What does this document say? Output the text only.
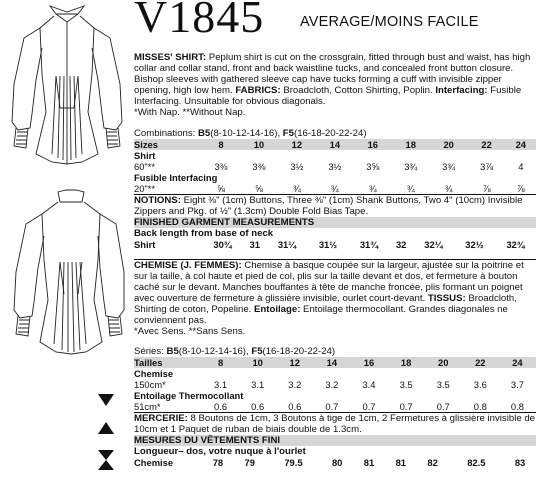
V1845 AVERAGE/MOINS FACILE
MISSES' SHIRT: Peplum shirt is cut on the crossgrain, fitted through bust and waist, has high collar and collar stand, front and back waistline tucks, and concealed front button closure. Bishop sleeves with gathered sleeve cap have tucks forming a cuff with invisible zipper opening, high low hem. FABRICS: Broadcloth, Cotton Shirting, Poplin. Interfacing: Fusible Interfacing. Unsuitable for obvious diagonals.
*With Nap. **Without Nap.
Combinations: B5(8-10-12-14-16), F5(16-18-20-22-24)
Sizes	8	10	12	14	16	18	20	22	24
Shirt									
60"**	3⅜	3⅜	3½	3½	3⅝	3¾	3¾	3⅞	4
Fusible Interfacing									
20"**	⅝	⅝	¾	¾	¾	¾	¾	⅞	⅞
NOTIONS: Eight ⅜" (1cm) Buttons, Three ⅜" (1cm) Shank Buttons, Two 4" (10cm) Invisible Zippers and Pkg. of ½" (1.3cm) Double Fold Bias Tape.
FINISHED GARMENT MEASUREMENTS
Back length from base of neck
Shirt	30¾	31	31¼	31½	31¾	32	32¼	32½	32¾
CHEMISE (J. FEMMES): Chemise à basque coupée sur la largeur, ajustée sur la poitrine et sur la taille, à col haute et pied de col, plis sur la taille devant et dos, et fermeture à bouton caché sur le devant. Manches bouffantes à tête de manche froncée, plis formant un poignet avec ouverture de fermeture à glissière invisible, ourlet court-devant. TISSUS: Broadcloth, Shirting de coton, Popeline. Entoilage: Entoilage thermocollant. Grandes diagonales ne conviennent pas.
*Avec Sens. **Sans Sens.
Séries: B5(8-10-12-14-16), F5(16-18-20-22-24)
Tailles	8	10	12	14	16	18	20	22	24
Chemise									
150cm*	3.1	3.1	3.2	3.2	3.4	3.5	3.5	3.6	3.7
Entoilage Thermocollant									
51cm*	0.6	0.6	0.6	0.7	0.7	0.7	0.7	0.8	0.8
MERCERIE: 8 Boutons de 1cm, 3 Boutons à tige de 1cm, 2 Fermetures à glissière invisible de 10cm et 1 Paquet de ruban de biais double de 1.3cm.
MESURES DU VÊTEMENTS FINI
Longueur– dos, votre nuque à l'ourlet
Chemise	78	79	79.5	80	81	81	82	82.5	83
